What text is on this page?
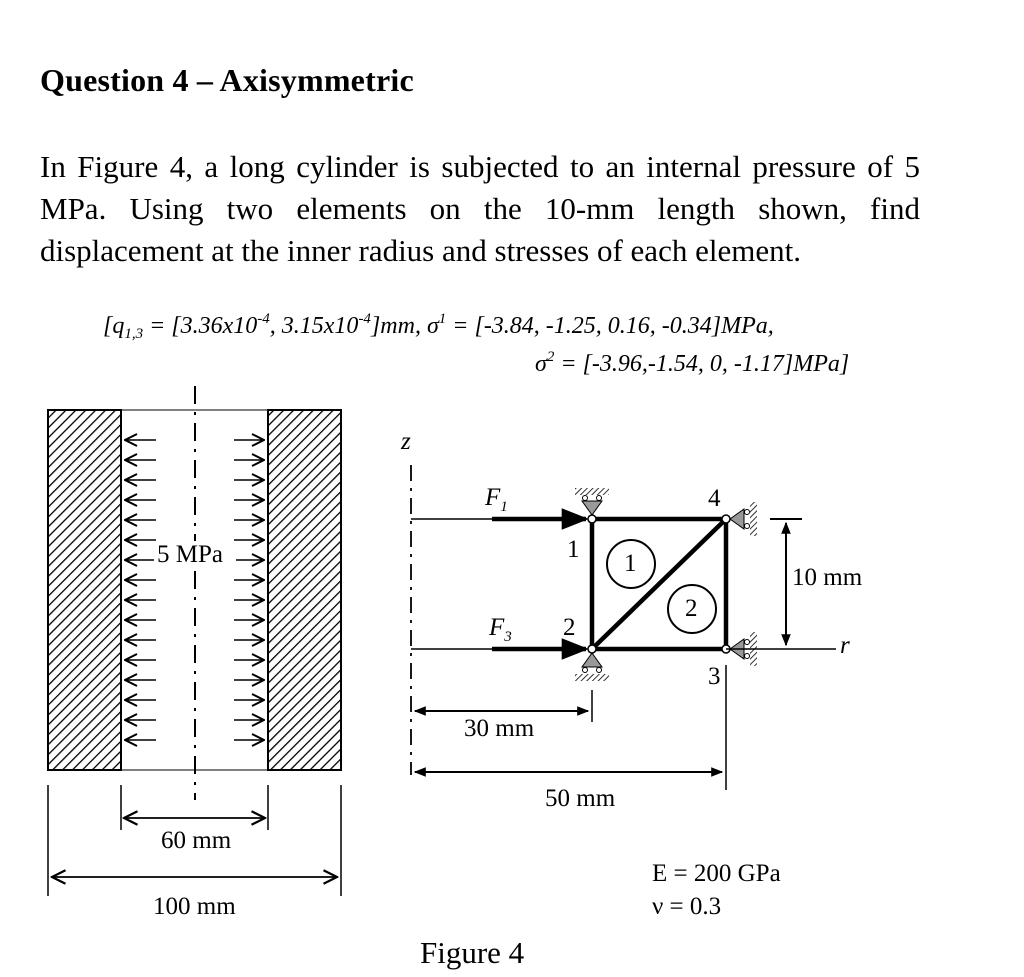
Question 4 – Axisymmetric
In Figure 4, a long cylinder is subjected to an internal pressure of 5 MPa. Using two elements on the 10-mm length shown, find displacement at the inner radius and stresses of each element.
[$q_{1,3} = [3.36x10^{-4}$, $3.15x10^{-4}]mm$, $\sigma^1 = [-3.84$, -1.25, 0.16, -0.34]MPa,
$\sigma^2 = [-3.96,-1.54$, 0, -1.17]MPa]
5 MPa
60 mm
100 mm
z
r
$F_1$
$F_3$
1
2
3
4
1
2
10 mm
30 mm
50 mm
E = 200 GPa
ν = 0.3
Figure 4
